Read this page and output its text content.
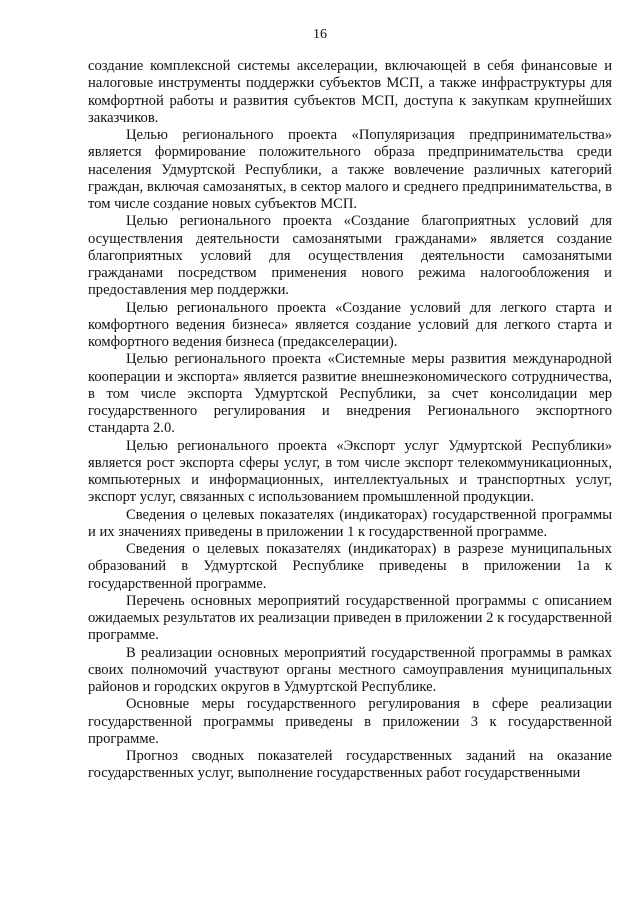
16

создание комплексной системы акселерации, включающей в себя финансовые и налоговые инструменты поддержки субъектов МСП, а также инфраструктуры для комфортной работы и развития субъектов МСП, доступа к закупкам крупнейших заказчиков.

Целью регионального проекта «Популяризация предпринимательства» является формирование положительного образа предпринимательства среди населения Удмуртской Республики, а также вовлечение различных категорий граждан, включая самозанятых, в сектор малого и среднего предпринимательства, в том числе создание новых субъектов МСП.

Целью регионального проекта «Создание благоприятных условий для осуществления деятельности самозанятыми гражданами» является создание благоприятных условий для осуществления деятельности самозанятыми гражданами посредством применения нового режима налогообложения и предоставления мер поддержки.

Целью регионального проекта «Создание условий для легкого старта и комфортного ведения бизнеса» является создание условий для легкого старта и комфортного ведения бизнеса (предакселерации).

Целью регионального проекта «Системные меры развития международной кооперации и экспорта» является развитие внешнеэкономического сотрудничества, в том числе экспорта Удмуртской Республики, за счет консолидации мер государственного регулирования и внедрения Регионального экспортного стандарта 2.0.

Целью регионального проекта «Экспорт услуг Удмуртской Республики» является рост экспорта сферы услуг, в том числе экспорт телекоммуникационных, компьютерных и информационных, интеллектуальных и транспортных услуг, экспорт услуг, связанных с использованием промышленной продукции.

Сведения о целевых показателях (индикаторах) государственной программы и их значениях приведены в приложении 1 к государственной программе.

Сведения о целевых показателях (индикаторах) в разрезе муниципальных образований в Удмуртской Республике приведены в приложении 1а к государственной программе.

Перечень основных мероприятий государственной программы с описанием ожидаемых результатов их реализации приведен в приложении 2 к государственной программе.

В реализации основных мероприятий государственной программы в рамках своих полномочий участвуют органы местного самоуправления муниципальных районов и городских округов в Удмуртской Республике.

Основные меры государственного регулирования в сфере реализации государственной программы приведены в приложении 3 к государственной программе.

Прогноз сводных показателей государственных заданий на оказание государственных услуг, выполнение государственных работ государственными
